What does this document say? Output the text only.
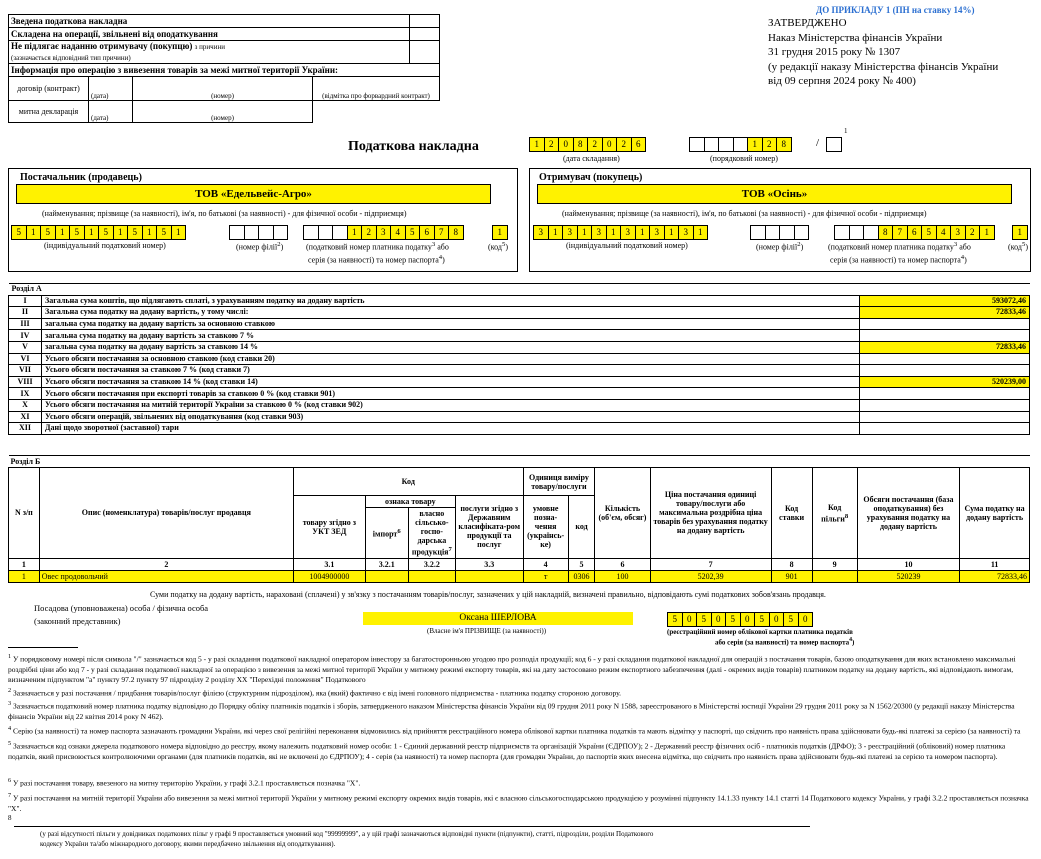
ДО ПРИКЛАДУ 1 (ПН на ставку 14%)
ЗАТВЕРДЖЕНО
Наказ Міністерства фінансів України
31 грудня 2015 року № 1307
(у редакції наказу Міністерства фінансів України
від 09 серпня 2024 року № 400)
Зведена податкова накладна				
Складена на операції, звільнені від оподаткування				
Не підлягає наданню отримувачу (покупцю) з причини
(зазначається відповідний тип причини)				
Інформація про операцію з вивезення товарів за межі митної території України:				
договір (контракт)	(дата)	(номер)	(відмітка про форвардний контракт)	
митна декларація	(дата)	(номер)		
Податкова накладна	1	2	0	8	2	0	2	6
(дата складання)
1	2	8
(порядковий номер)
/
1
Постачальник (продавець)
ТОВ «Едельвейс-Агро»
(найменування; прізвище (за наявності), ім'я, по батькові (за наявності) - для фізичної особи - підприємця)
5	1	5	1	5	1	5	1	5	1	5	1
(індивідуальний податковий номер)	(номер філії$^2$)
1	2	3	4	5	6	7	8	1
(податковий номер платника податку$^3$ або
серія (за наявності) та номер паспорта$^4$)
(код$^5$)
Отримувач (покупець)
ТОВ «Осінь»
(найменування; прізвище (за наявності), ім'я, по батькові (за наявності) - для фізичної особи - підприємця)
3	1	3	1	3	1	3	1	3	1	3	1
(індивідуальний податковий номер)	(номер філії$^2$)
8	7	6	5	4	3	2	1	1
(податковий номер платника податку$^3$ або
серія (за наявності) та номер паспорта$^4$)
(код$^5$)
Розділ А		
I	Загальна сума коштів, що підлягають сплаті, з урахуванням податку на додану вартість	593072,46
II	Загальна сума податку на додану вартість, у тому числі:	72833,46
III	загальна сума податку на додану вартість за основною ставкою	
IV	загальна сума податку на додану вартість за ставкою 7 %	
V	загальна сума податку на додану вартість за ставкою 14 %	72833,46
VI	Усього обсяги постачання за основною ставкою (код ставки 20)	
VII	Усього обсяги постачання за ставкою 7 % (код ставки 7)	
VIII	Усього обсяги постачання за ставкою 14 % (код ставки 14)	520239,00
IX	Усього обсяги постачання при експорті товарів за ставкою 0 % (код ставки 901)	
X	Усього обсяги постачання на митній території України за ставкою 0 % (код ставки 902)	
XI	Усього обсяги операцій, звільнених від оподаткування (код ставки 903)	
XII	Дані щодо зворотної (заставної) тари	
Розділ Б													
N з/п	Опис (номенклатура) товарів/послуг продавця	Код				Одиниця виміру товару/послуги		Кількість (об'єм, обсяг)	Ціна постачання одиниці товару/послуги або максимальна роздрібна ціна товарів без урахування податку на додану вартість	Код ставки	Код пільги$^8$	Обсяги постачання (база оподаткування) без урахування податку на додану вартість	Сума податку на додану вартість
		товару згідно з УКТ ЗЕД	ознака товару		послуги згідно з Державним класифіката-ром продукції та послуг	умовне позна-чення (українсь-ке)	код						
			імпорт$^6$	власно сільсько-госпо-дарська продукція$^7$
1	2	3.1	3.2.1	3.2.2	3.3	4	5	6	7	8	9	10	11
1	Овес продовольчий	1004900000				т	0306	100	5202,39	901		520239	72833,46
Суми податку на додану вартість, нараховані (сплачені) у зв'язку з постачанням товарів/послуг, зазначених у цій накладній, визначені правильно, відповідають сумі податкових зобов'язань продавця.
Посадова (уповноважена) особа / фізична особа
(законний представник)	Оксана ШЕРЛОВА
(Власне ім'я ПРІЗВИЩЕ (за наявності))
5	0	5	0	5	0	5	0	5	0
(реєстраційний номер облікової картки платника податків
або серія (за наявності) та номер паспорта$^4$)
$^1$ У порядковому номері після символа "/" зазначається код 5 - у разі складання податкової накладної оператором інвестору за багатосторонньою угодою про розподіл продукції; код 6 - у разі складання податкової накладної для операцій з постачання товарів, базою оподаткування для яких встановлено максимальні роздрібні ціни або код 7 - у разі складання податкової накладної за операцією з вивезення за межі митної території України у митному режимі експорту товарів, які на дату застосовано режим експортного забезпечення (далі - окремих видів товарів) платником податку на додану вартість, які відповідають вимогам, визначеним підпунктом "а" пункту 97.2 пункту 97 підрозділу 2 розділу ХХ "Перехідні положення" Податкового
$^2$ Зазначається у разі постачання / придбання товарів/послуг філією (структурним підрозділом), яка (який) фактично є від імені головного підприємства - платника податку стороною договору.
$^3$ Зазначається податковий номер платника податку відповідно до Порядку обліку платників податків і зборів, затвердженого наказом Міністерства фінансів України від 09 грудня 2011 року N 1588, зареєстрованого в Міністерстві юстиції України 29 грудня 2011 року за N 1562/20300 (у редакції наказу Міністерства фінансів України від 22 квітня 2014 року N 462).
$^4$ Серію (за наявності) та номер паспорта зазначають громадяни України, які через свої релігійні переконання відмовились від прийняття реєстраційного номера облікової картки платника податків та мають відмітку у паспорті, що свідчить про наявність права здійснювати будь-які платежі за серією (за наявності) та
$^5$ Зазначається код ознаки джерела податкового номера відповідно до реєстру, якому належить податковий номер особи: 1 - Єдиний державний реєстр підприємств та організацій України (ЄДРПОУ); 2 - Державний реєстр фізичних осіб - платників податків (ДРФО); 3 - реєстраційний (обліковий) номер платника податків, який присвоюється контролюючими органами (для платників податків, які не включені до ЄДРПОУ); 4 - серія (за наявності) та номер паспорта (для громадян України, до паспортів яких внесена відмітка, що свідчить про наявність права здійснювати будь-які платежі за серією та номером паспорта).
$^6$ У разі постачання товару, ввезеного на митну територію України, у графі 3.2.1 проставляється позначка "Х".
$^7$ У разі постачання на митній території України або вивезення за межі митної території України у митному режимі експорту окремих видів товарів, які є власною сільськогосподарською продукцією у розумінні підпункту 14.1.33 пункту 14.1 статті 14 Податкового кодексу України, у графі 3.2.2 проставляється позначка "Х".
8
(у разі відсутності пільги у довідниках податкових пільг у графі 9 проставляється умовний код "99999999", а у цій графі зазначаються відповідні пункти (підпункти), статті, підрозділи, розділи Податкового кодексу України та/або міжнародного договору, якими передбачено звільнення від оподаткування).
